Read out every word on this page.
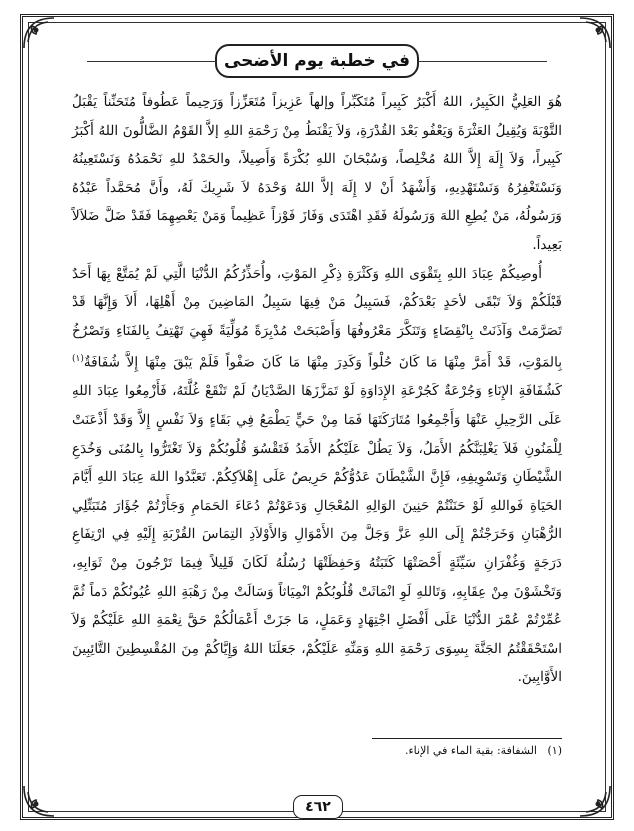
في خطبة يوم الأضحى

هُوَ العَلِيُّ الكَبِيرُ، اللهُ أَكْبَرُ كَبِيراً مُتَكَبِّراً وإلهاً عَزِيزاً مُتَعَزِّزاً وَرَحِيماً عَطُوفاً مُتَحَنِّناً يَقْبَلُ التَّوْبَةَ وَيُقِيلُ العَثْرَةَ وَيَعْفُو بَعْدَ القُدْرَةِ، وَلاَ يَقْنَطُ مِنْ رَحْمَةِ اللهِ إلاَّ القَوْمُ الضَّالُّونَ اللهُ أَكْبَرُ كَبِيراً، وَلاَ إِلَهَ إِلاَّ اللهُ مُخْلِصاً، وَسُبْحَانَ اللهِ بُكْرَةً وَأَصِيلاً، والحَمْدُ للهِ نَحْمَدُهُ وَنَسْتَعِينُهُ وَنَسْتَغْفِرُهُ وَنَسْتَهْدِيهِ، وَأَشْهَدُ أَنْ لا إِلَهَ إلاَّ اللهُ وَحْدَهُ لاَ شَرِيكَ لَهُ، وأَنَّ مُحَمَّداً عَبْدُهُ وَرَسُولُهُ، مَنْ يُطِعِ اللهَ وَرَسُولَهُ فَقَدِ اهْتَدَى وَفَازَ فَوْزاً عَظِيماً وَمَنْ يَعْصِهِمَا فَقَدْ ضَلَّ ضَلاَلاً بَعِيداً.

أُوصِيكُمْ عِبَادَ اللهِ بِتَقْوَى اللهِ وَكَثْرَةِ ذِكْرِ المَوْتِ، وأُحَذِّرُكُمُ الدُّنْيَا الَّتِي لَمْ يُمَتَّعْ بِهَا أَحَدٌ قَبْلَكُمْ وَلاَ تَبْقَى لأحَدٍ بَعْدَكُمْ، فَسَبِيلُ مَنْ فِيهَا سَبِيلُ المَاضِينَ مِنْ أَهْلِهَا، أَلاَ وَإِنَّهَا قَدْ تَصَرَّمَتْ وَآذَنَتْ بِانْقِضَاءٍ وَتَنَكَّرَ مَعْرُوفُهَا وَأَصْبَحَتْ مُدْبِرَةً مُوَلِّيَةً فَهِيَ تَهْتِفُ بِالفَنَاءِ وَتَصْرُخُ بِالمَوْتِ، قَدْ أَمَرَّ مِنْهَا مَا كَانَ حُلْواً وَكَدِرَ مِنْهَا مَا كَانَ صَفْواً فَلَمْ يَبْقَ مِنْهَا إِلاَّ شُفَافَةٌ$^{(١)}$ كَشُفَافَةِ الإِنَاءِ وَجُرْعَةٌ كَجُرْعَةِ الإِدَاوَةِ لَوْ تَمَزَّزَهَا الصَّدْيَانُ لَمْ تَنْقَعْ غُلَّتَهُ، فَأَزْمِعُوا عِبَادَ اللهِ عَلَى الرَّحِيلِ عَنْهَا وَأَجْمِعُوا مُتَارَكَتَهَا فَمَا مِنْ حَيٍّ يَطْمَعُ فِي بَقَاءٍ وَلاَ نَفْسٍ إِلاَّ وَقَدْ أَذْعَنَتْ لِلْمَنُونِ فَلاَ يَغْلِبَنَّكُمُ الأَمَلُ، وَلاَ يَطُلْ عَلَيْكُمُ الأَمَدُ فَتَقْسُوَ قُلُوبُكُمْ وَلاَ تَغْتَرُّوا بِالمُنَى وَخُدَعِ الشَّيْطَانِ وَتَسْوِيفِهِ، فَإِنَّ الشَّيْطَانَ عَدُوُّكُمْ حَرِيصٌ عَلَى إِهْلاَكِكُمْ. تَعَبَّدُوا اللهَ عِبَادَ اللهِ أَيَّامَ الحَيَاةِ فَواللهِ لَوْ حَنَنْتُمْ حَنِينَ الوَالِهِ المُعْجَالِ وَدَعَوْتُمْ دُعَاءَ الحَمَامِ وَجَأَرْتُمْ جُؤَارَ مُتَبَتِّلِي الرُّهْبَانِ وَخَرَجْتُمْ إِلَى اللهِ عَزَّ وَجَلَّ مِنَ الأَمْوَالِ وَالأَوْلاَدِ التِمَاسَ القُرْبَةِ إِلَيْهِ فِي ارْتِفَاعِ دَرَجَةٍ وَغُفْرَانِ سَيِّئَةٍ أَحْصَتْهَا كَتَبَتُهُ وَحَفِظَتْهَا رُسُلُهُ لَكَانَ قَلِيلاً فِيمَا تَرْجُونَ مِنْ ثَوَابِهِ، وَتَخْشَوْنَ مِنْ عِقَابِهِ، وَتَاللهِ لَوِ انْمَاثَتْ قُلُوبُكُمْ انْمِيَاثاً وَسَالَتْ مِنْ رَهْبَةِ اللهِ عُيُونُكُمْ دَماً ثُمَّ عُمِّرْتُمْ عُمْرَ الدُّنْيَا عَلَى أَفْضَلِ اجْتِهَادٍ وَعَمَلٍ، مَا جَزَتْ أَعْمَالُكُمْ حَقَّ نِعْمَةِ اللهِ عَلَيْكُمْ وَلاَ اسْتَحْقَقْتُمُ الجَنَّةَ بِسِوَى رَحْمَةِ اللهِ وَمَنِّهِ عَلَيْكُمْ، جَعَلَنَا اللهُ وَإِيَّاكُمْ مِنَ المُقْسِطِينَ التَّائِبِينَ الأَوَّابِينَ.

(١)   الشفافة: بقية الماء في الإناء.
٤٦٢
